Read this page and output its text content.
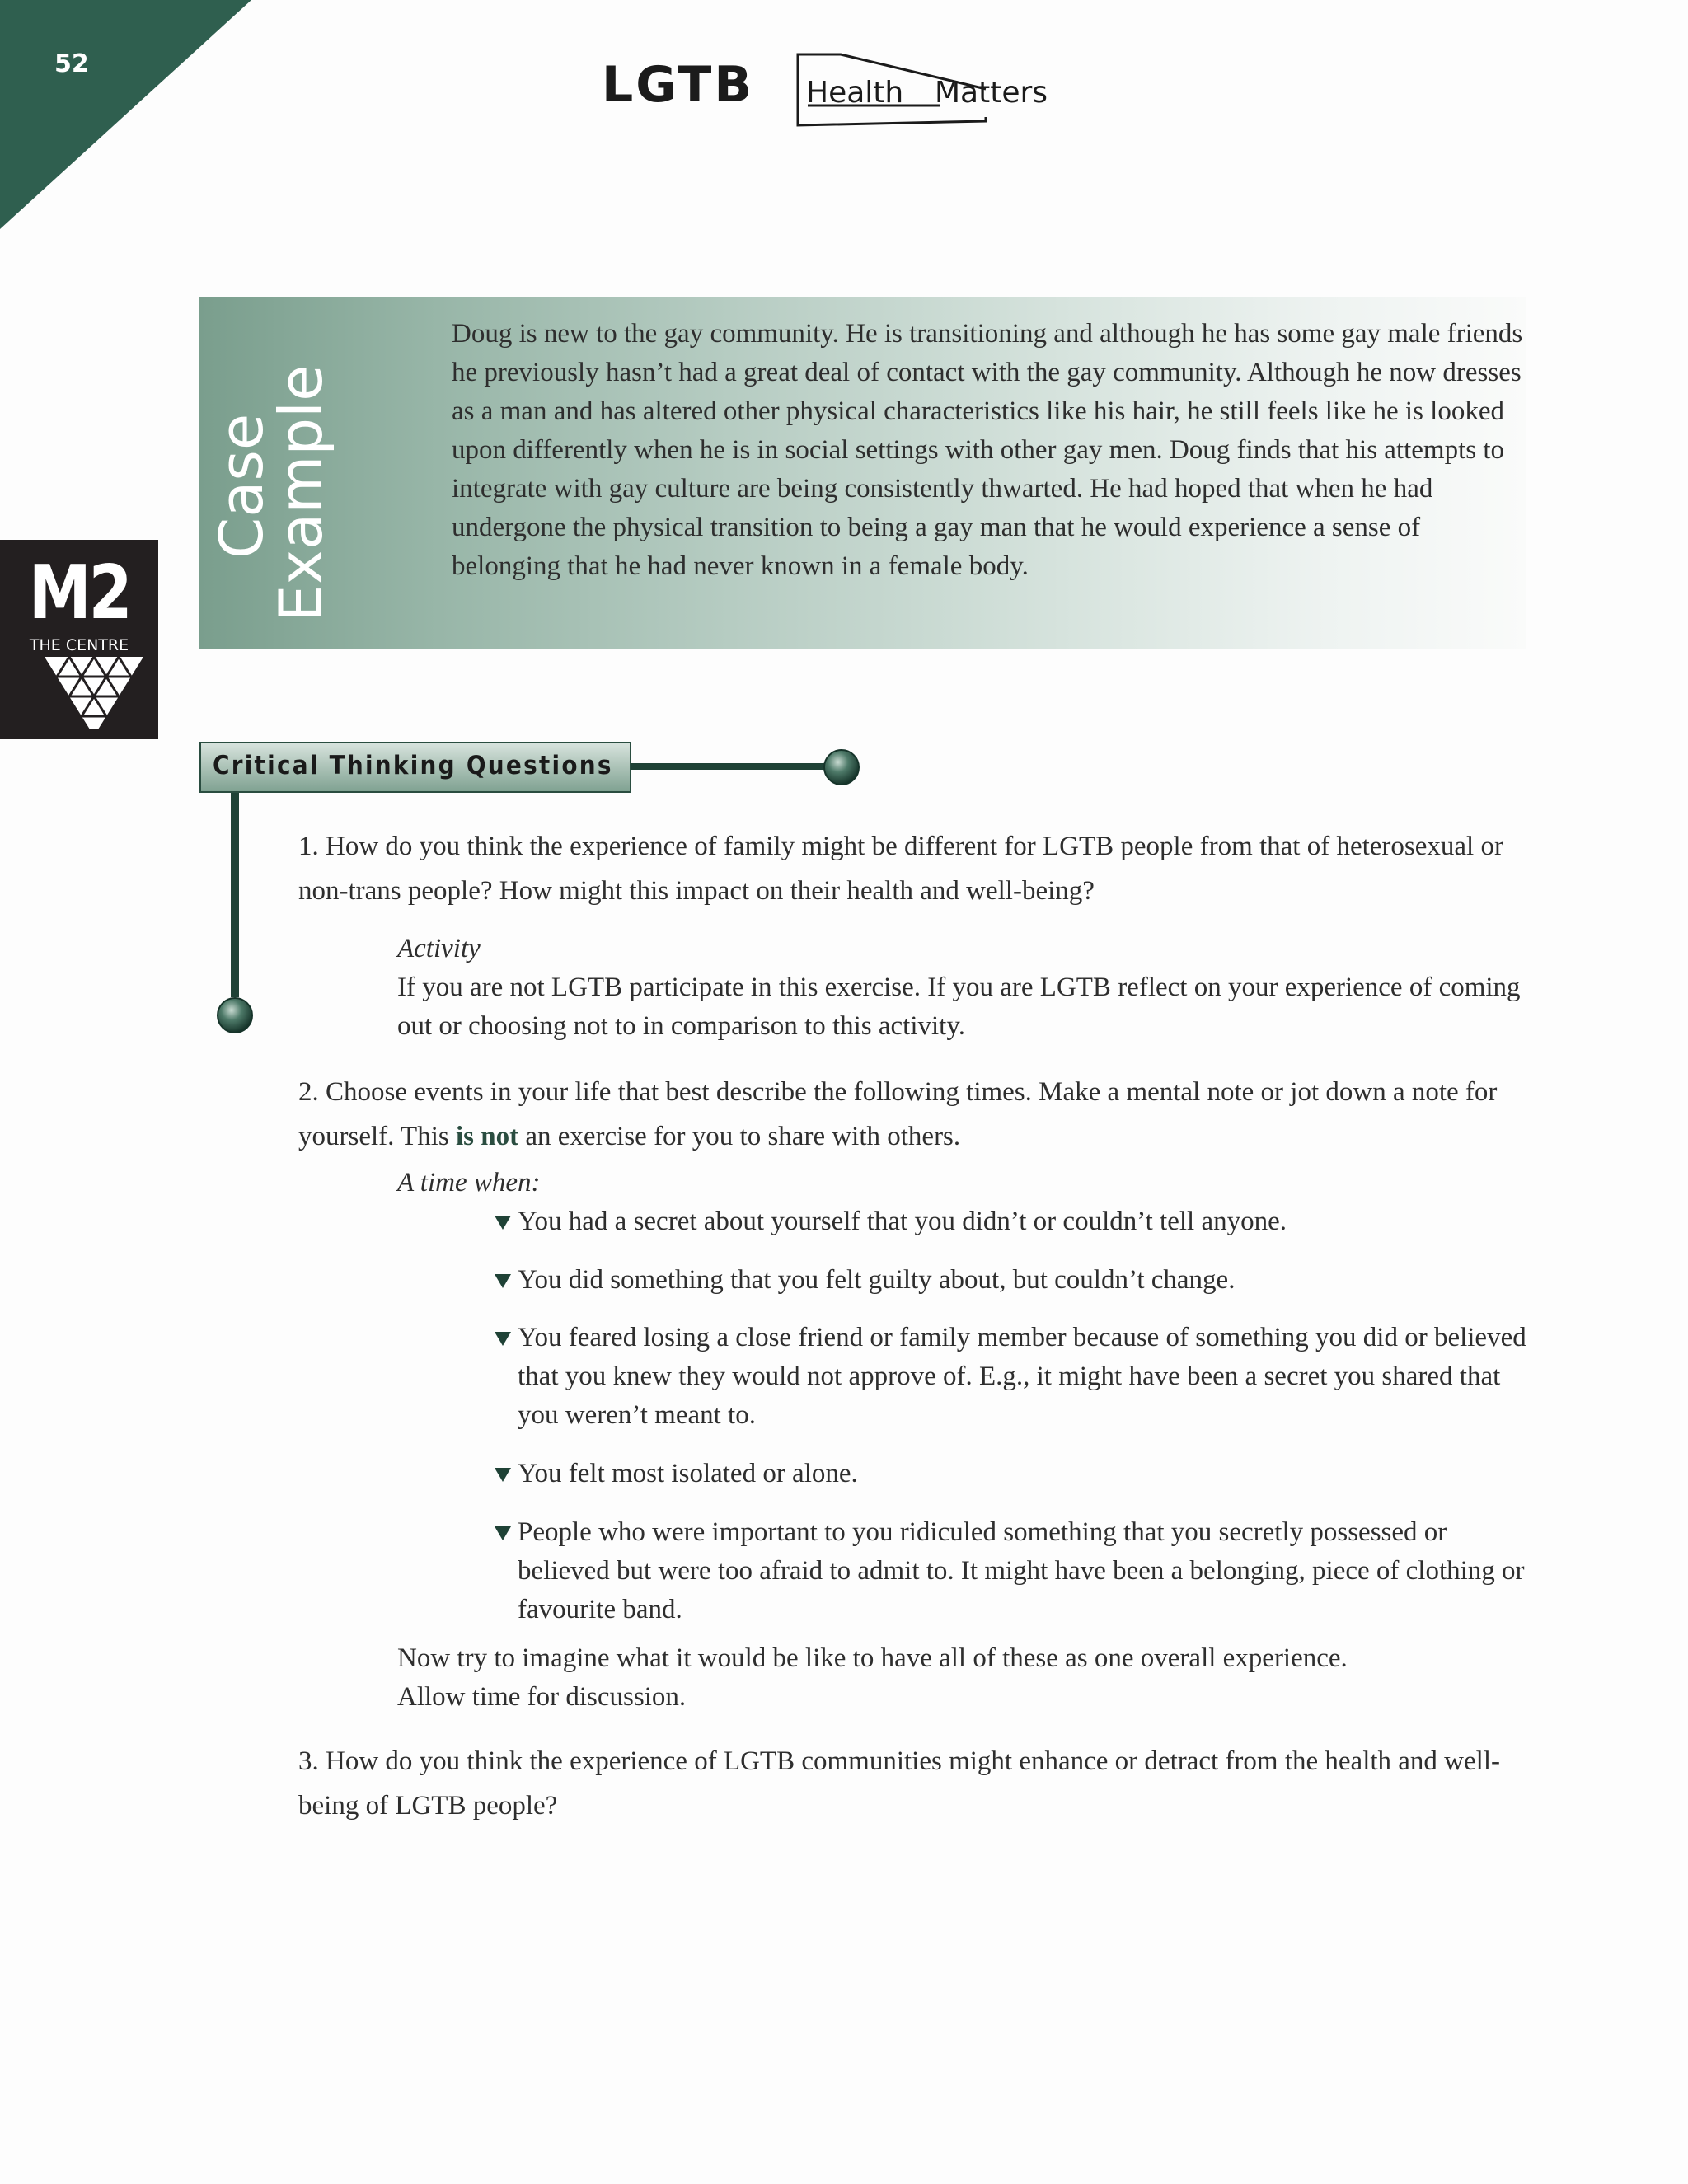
52	LGTB Health Matters
M2
THE CENTRE
Case
Example

Doug is new to the gay community. He is transitioning and although he has some gay male friends he previously hasn’t had a great deal of contact with the gay community. Although he now dresses as a man and has altered other physical characteristics like his hair, he still feels like he is looked upon differently when he is in social settings with other gay men. Doug finds that his attempts to integrate with gay culture are being consistently thwarted. He had hoped that when he had undergone the physical transition to being a gay man that he would experience a sense of belonging that he had never known in a female body.

Critical Thinking Questions

1. How do you think the experience of family might be different for LGTB people from that of heterosexual or non-trans people? How might this impact on their health and well-being?

Activity

If you are not LGTB participate in this exercise. If you are LGTB reflect on your experience of coming out or choosing not to in comparison to this activity.

2. Choose events in your life that best describe the following times. Make a mental note or jot down a note for yourself. This is not an exercise for you to share with others.

A time when:

You had a secret about yourself that you didn’t or couldn’t tell anyone.
You did something that you felt guilty about, but couldn’t change.
You feared losing a close friend or family member because of something you did or believed that you knew they would not approve of. E.g., it might have been a secret you shared that you weren’t meant to.
You felt most isolated or alone.
People who were important to you ridiculed something that you secretly possessed or believed but were too afraid to admit to. It might have been a belonging, piece of clothing or favourite band.
Now try to imagine what it would be like to have all of these as one overall experience.
Allow time for discussion.

3. How do you think the experience of LGTB communities might enhance or detract from the health and well-being of LGTB people?
